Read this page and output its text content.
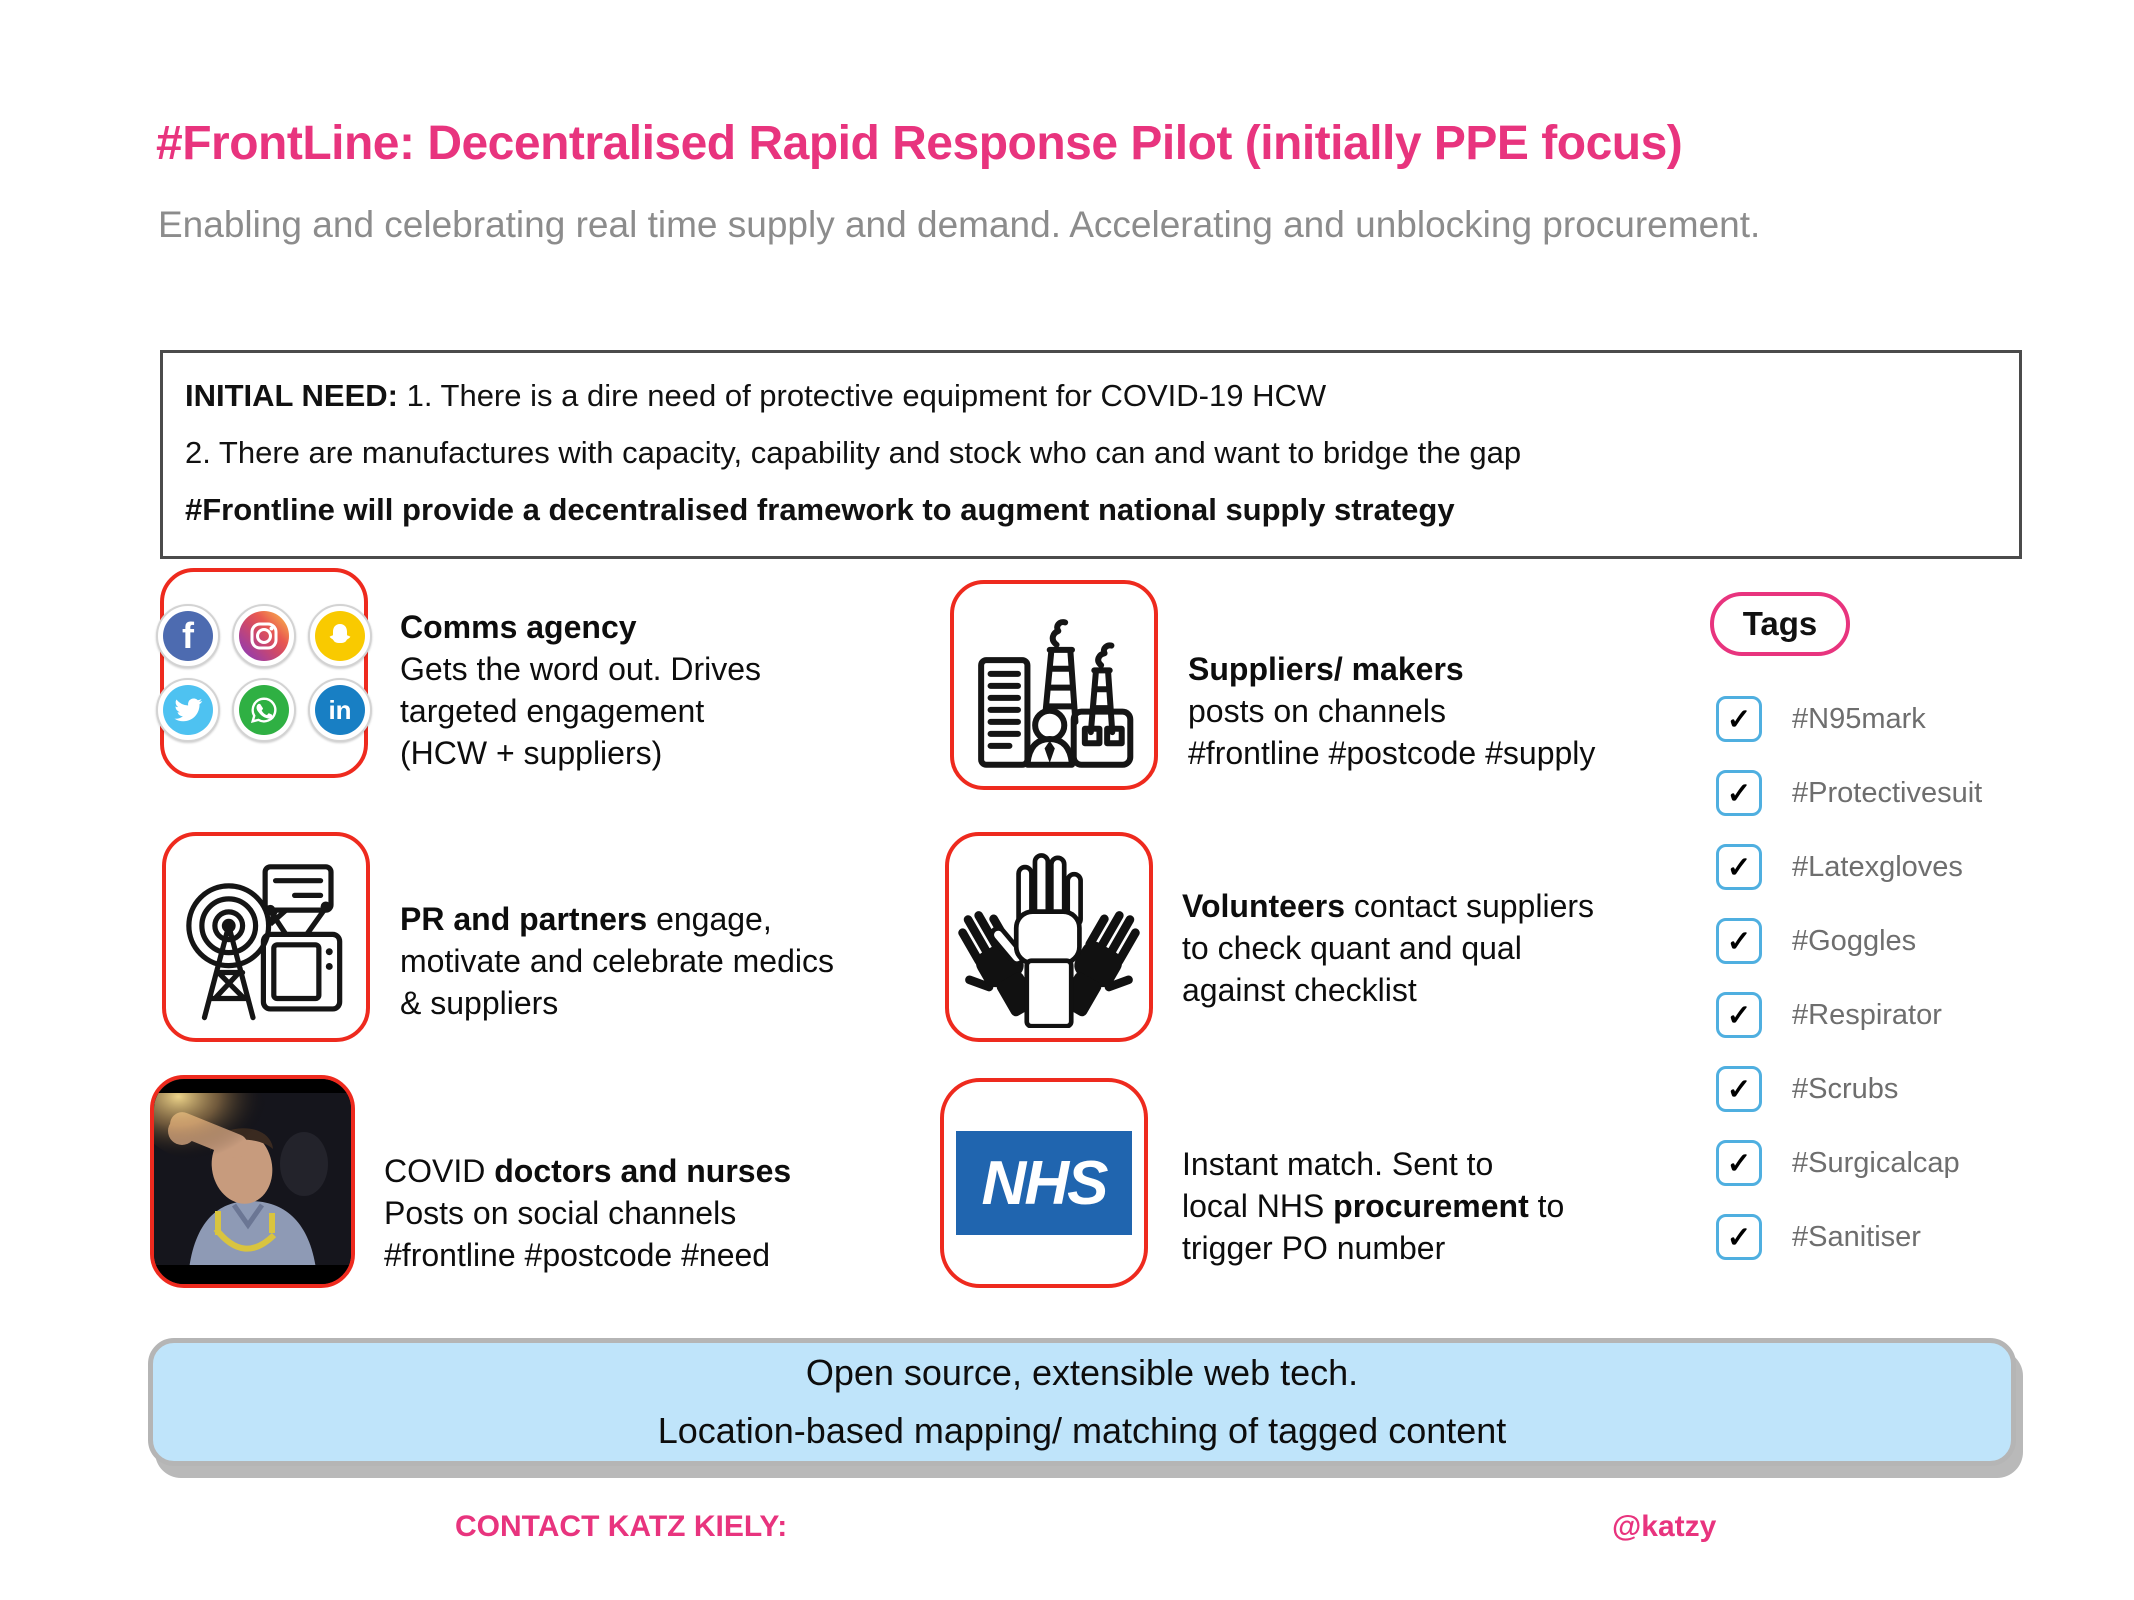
#FrontLine: Decentralised Rapid Response Pilot (initially PPE focus)
Enabling and celebrating real time supply and demand. Accelerating and unblocking procurement.
INITIAL NEED: 1. There is a dire need of protective equipment for COVID-19 HCW
2. There are manufactures with capacity, capability and stock who can and want to bridge the gap
#Frontline will provide a decentralised framework to augment national supply strategy
f
in
Comms agency
Gets the word out. Drives
targeted engagement
(HCW + suppliers)
Suppliers/ makers
posts on channels
#frontline #postcode #supply
Tags
✓	#N95mark
✓	#Protectivesuit
✓	#Latexgloves
✓	#Goggles
✓	#Respirator
✓	#Scrubs
✓	#Surgicalcap
✓	#Sanitiser
PR and partners engage,
motivate and celebrate medics
& suppliers
Volunteers contact suppliers
to check quant and qual
against checklist
COVID doctors and nurses
Posts on social channels
#frontline #postcode #need
NHS Instant match. Sent to
local NHS procurement to
trigger PO number
Open source, extensible web tech.
Location-based mapping/ matching of tagged content
CONTACT KATZ KIELY:	@katzy
